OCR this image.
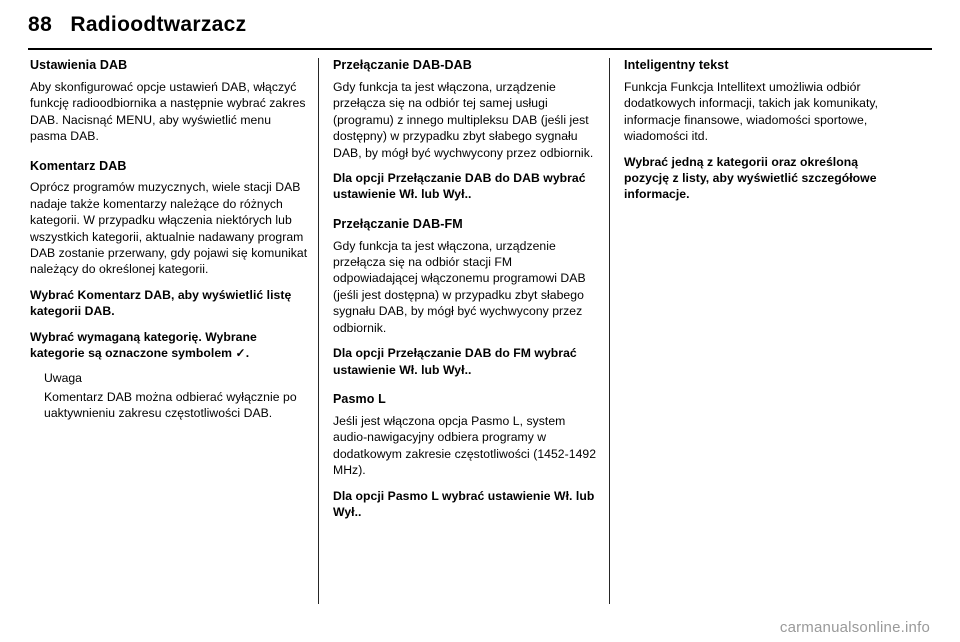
88 Radioodtwarzacz
Ustawienia DAB

Aby skonfigurować opcje ustawień DAB, włączyć funkcję radioodbiornika a następnie wybrać zakres DAB. Nacisnąć MENU, aby wyświetlić menu pasma DAB.

Komentarz DAB

Oprócz programów muzycznych, wiele stacji DAB nadaje także komentarzy należące do różnych kategorii. W przypadku włączenia niektórych lub wszystkich kategorii, aktualnie nadawany program DAB zostanie przerwany, gdy pojawi się komunikat należący do określonej kategorii.

Wybrać Komentarz DAB, aby wyświetlić listę kategorii DAB.

Wybrać wymaganą kategorię. Wybrane kategorie są oznaczone symbolem ✓.

Uwaga

Komentarz DAB można odbierać wyłącznie po uaktywnieniu zakresu częstotliwości DAB.

Przełączanie DAB-DAB

Gdy funkcja ta jest włączona, urządzenie przełącza się na odbiór tej samej usługi (programu) z innego multipleksu DAB (jeśli jest dostępny) w przypadku zbyt słabego sygnału DAB, by mógł być wychwycony przez odbiornik.

Dla opcji Przełączanie DAB do DAB wybrać ustawienie Wł. lub Wył..

Przełączanie DAB-FM

Gdy funkcja ta jest włączona, urządzenie przełącza się na odbiór stacji FM odpowiadającej włączonemu programowi DAB (jeśli jest dostępna) w przypadku zbyt słabego sygnału DAB, by mógł być wychwycony przez odbiornik.

Dla opcji Przełączanie DAB do FM wybrać ustawienie Wł. lub Wył..

Pasmo L

Jeśli jest włączona opcja Pasmo L, system audio-nawigacyjny odbiera programy w dodatkowym zakresie częstotliwości (1452-1492 MHz).

Dla opcji Pasmo L wybrać ustawienie Wł. lub Wył..

Inteligentny tekst

Funkcja Funkcja Intellitext umożliwia odbiór dodatkowych informacji, takich jak komunikaty, informacje finansowe, wiadomości sportowe, wiadomości itd.

Wybrać jedną z kategorii oraz określoną pozycję z listy, aby wyświetlić szczegółowe informacje.

carmanualsonline.info
